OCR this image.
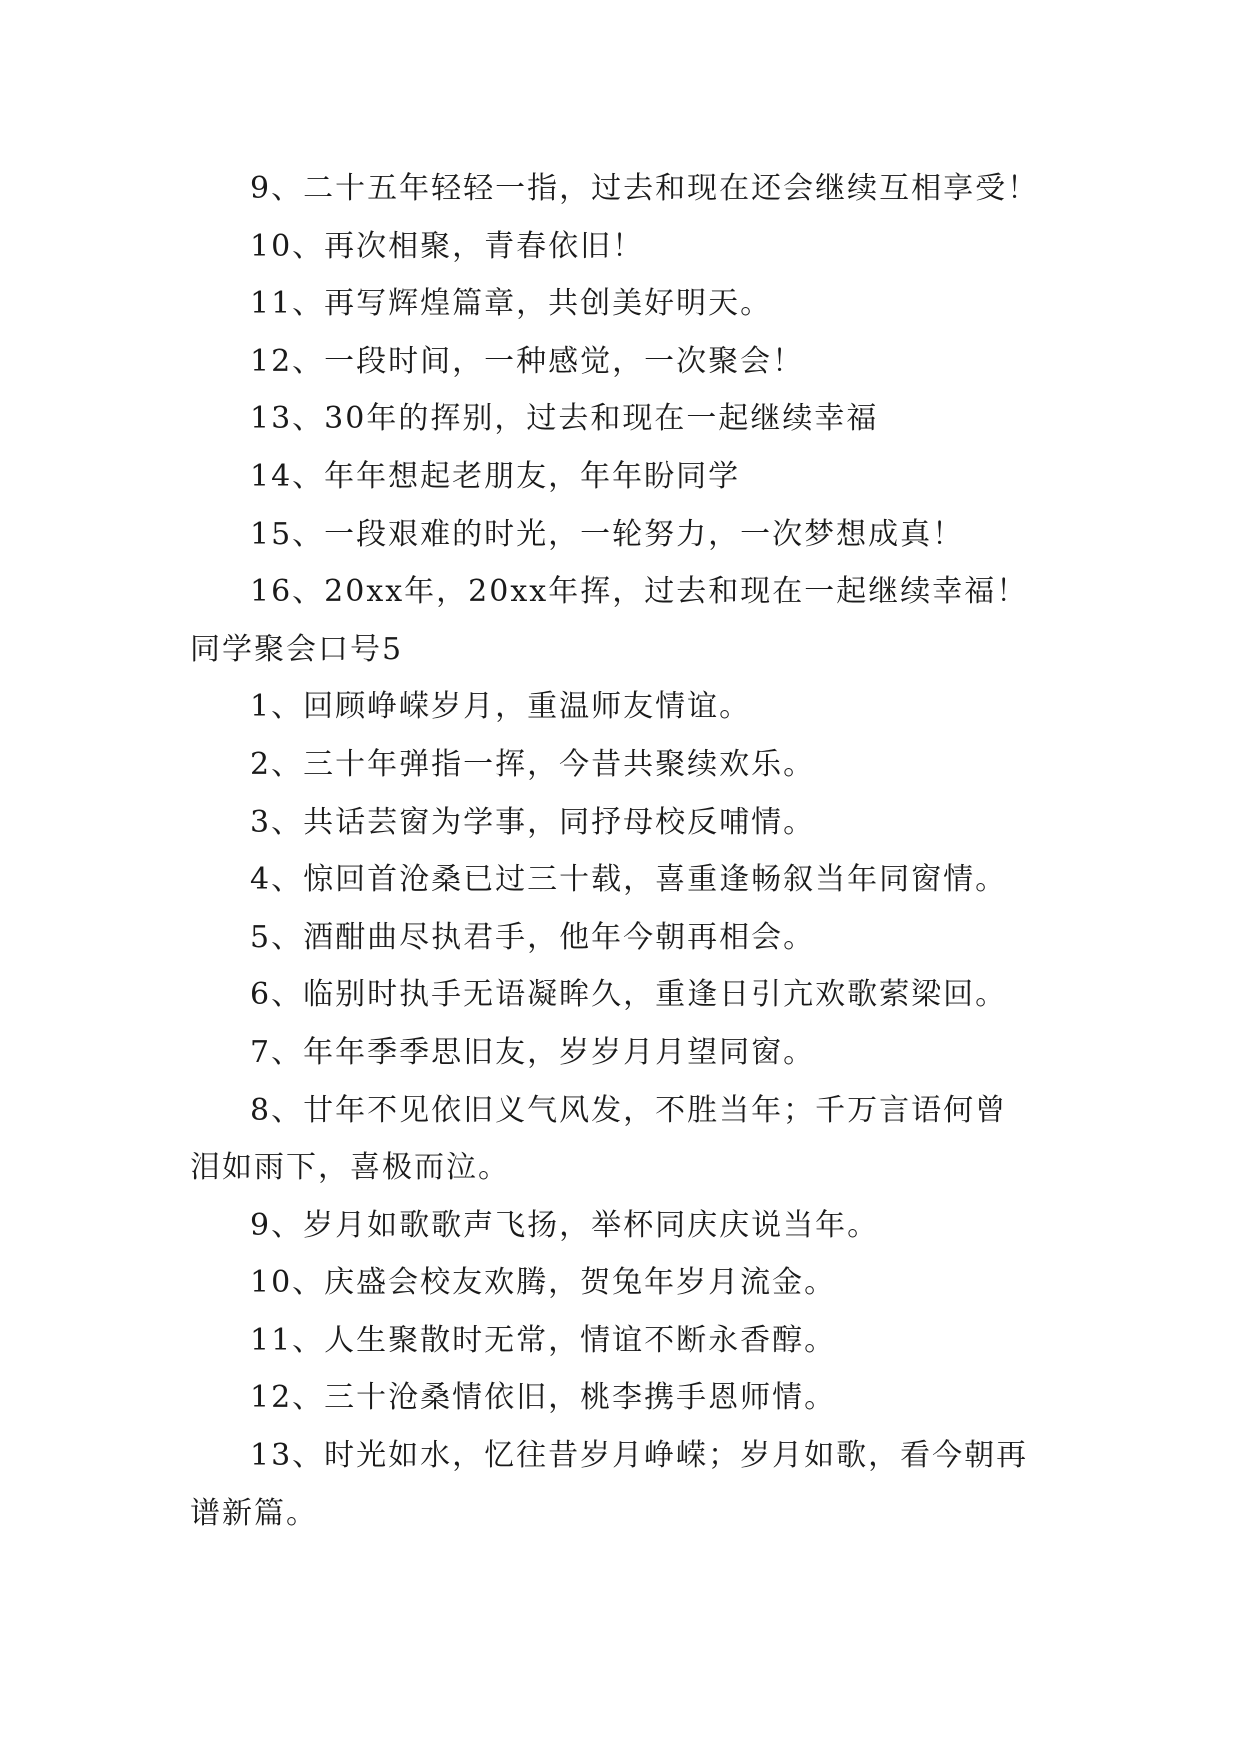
9、二十五年轻轻一指，过去和现在还会继续互相享受！
10、再次相聚，青春依旧！
11、再写辉煌篇章，共创美好明天。
12、一段时间，一种感觉，一次聚会！
13、30年的挥别，过去和现在一起继续幸福
14、年年想起老朋友，年年盼同学
15、一段艰难的时光，一轮努力，一次梦想成真！
16、20xx年，20xx年挥，过去和现在一起继续幸福！
同学聚会口号5
1、回顾峥嵘岁月，重温师友情谊。
2、三十年弹指一挥，今昔共聚续欢乐。
3、共话芸窗为学事，同抒母校反哺情。
4、惊回首沧桑已过三十载，喜重逢畅叙当年同窗情。
5、酒酣曲尽执君手，他年今朝再相会。
6、临别时执手无语凝眸久，重逢日引亢欢歌萦梁回。
7、年年季季思旧友，岁岁月月望同窗。
8、廿年不见依旧义气风发，不胜当年；千万言语何曾
泪如雨下，喜极而泣。
9、岁月如歌歌声飞扬，举杯同庆庆说当年。
10、庆盛会校友欢腾，贺兔年岁月流金。
11、人生聚散时无常，情谊不断永香醇。
12、三十沧桑情依旧，桃李携手恩师情。
13、时光如水，忆往昔岁月峥嵘；岁月如歌，看今朝再
谱新篇。
